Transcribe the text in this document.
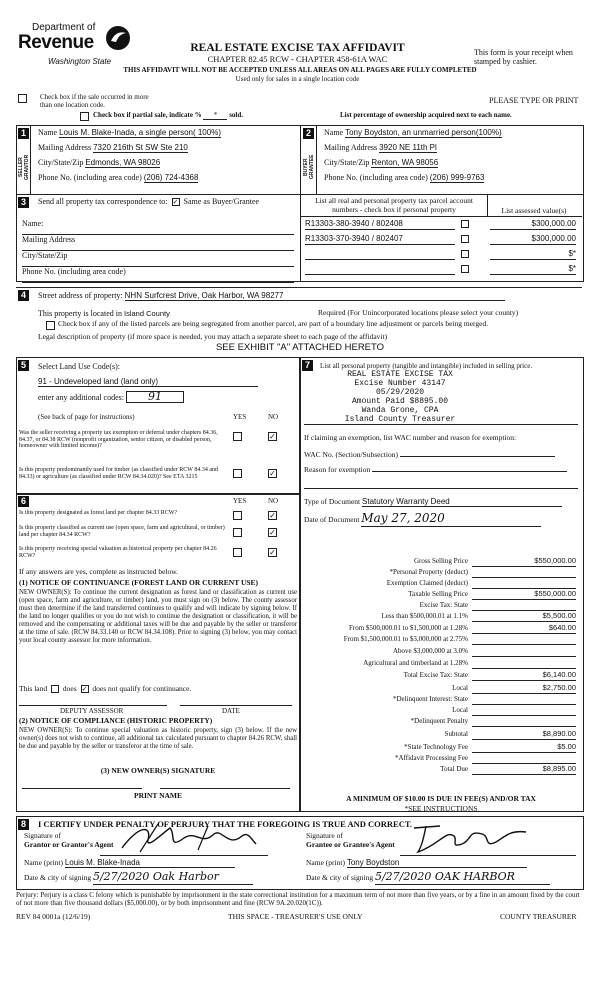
Department of
Revenue
Washington State
REAL ESTATE EXCISE TAX AFFIDAVIT
CHAPTER 82.45 RCW - CHAPTER 458-61A WAC
THIS AFFIDAVIT WILL NOT BE ACCEPTED UNLESS ALL AREAS ON ALL PAGES ARE FULLY COMPLETED
Used only for sales in a single location code
This form is your receipt when stamped by cashier.
PLEASE TYPE OR PRINT
Check box if the sale occurred in more than one location code.
Check box if partial sale, indicate % * sold.	List percentage of ownership acquired next to each name.
1
SELLER GRANTOR
Name Louis M. Blake-Inada, a single person( 100%)
Mailing Address 7320 216th St SW Ste 210
City/State/Zip Edmonds, WA 98026
Phone No. (including area code) (206) 724-4368
2
BUYER GRANTEE
Name Tony Boydston, an unmarried person(100%)
Mailing Address 3920 NE 11th Pl
City/State/Zip Renton, WA 98056
Phone No. (including area code) (206) 999-9763
3	Send all property tax correspondence to: ✓ Same as Buyer/Grantee
Name:
Mailing Address
City/State/Zip
Phone No. (including area code)
List all real and personal property tax parcel account numbers - check box if personal property	List assessed value(s)
R13303-380-3940 / 802408	$300,000.00
R13303-370-3940 / 802407	$300,000.00
$*
$*
4	Street address of property: NHN Surfcrest Drive, Oak Harbor, WA 98277
This property is located in Island County	Required (For Unincorporated locations please select your county)
Check box if any of the listed parcels are being segregated from another parcel, are part of a boundary line adjustment or parcels being merged.
Legal description of property (if more space is needed, you may attach a separate sheet to each page of the affidavit)
SEE EXHIBIT "A" ATTACHED HERETO
5	Select Land Use Code(s):
91 - Undeveloped land (land only)
enter any additional codes: 91
(See back of page for instructions)	YES	NO
Was the seller receiving a property tax exemption or deferral under chapters 84.36, 84.37, or 84.38 RCW (nonprofit organization, senior citizen, or disabled person, homeowner with limited income)?
✓
Is this property predominantly used for timber (as classified under RCW 84.34 and 84.33) or agriculture (as classified under RCW 84.34.020)? See ETA 3215	✓
6	YES	NO
Is this property designated as forest land per chapter 84.33 RCW?	✓
Is this property classified as current use (open space, farm and agricultural, or timber) land per chapter 84.34 RCW?	✓
Is this property receiving special valuation as historical property per chapter 84.26 RCW?	✓
If any answers are yes, complete as instructed below.
(1) NOTICE OF CONTINUANCE (FOREST LAND OR CURRENT USE)
NEW OWNER(S): To continue the current designation as forest land or classification as current use (open space, farm and agriculture, or timber) land, you must sign on (3) below. The county assessor must then determine if the land transferred continues to qualify and will indicate by signing below. If the land no longer qualifies or you do not wish to continue the designation or classification, it will be removed and the compensating or additional taxes will be due and payable by the seller or transferor at the time of sale. (RCW 84.33.140 or RCW 84.34.108). Prior to signing (3) below, you may contact your local county assessor for more information.
This land does ✓ does not qualify for continuance.
DEPUTY ASSESSOR	DATE
(2) NOTICE OF COMPLIANCE (HISTORIC PROPERTY)
NEW OWNER(S): To continue special valuation as historic property, sign (3) below. If the new owner(s) does not wish to continue, all additional tax calculated pursuant to chapter 84.26 RCW, shall be due and payable by the seller or transferor at the time of sale.
(3) NEW OWNER(S) SIGNATURE
PRINT NAME
7	List all personal property (tangible and intangible) included in selling price.
REAL ESTATE EXCISE TAX
Excise Number 43147
05/29/2020
Amount Paid $8895.00
Wanda Grone, CPA
Island County Treasurer
If claiming an exemption, list WAC number and reason for exemption:
WAC No. (Section/Subsection)
Reason for exemption
Type of Document Statutory Warranty Deed
Date of Document May 27, 2020
Gross Selling Price	$550,000.00
*Personal Property (deduct)
Exemption Claimed (deduct)
Taxable Selling Price	$550,000.00
Excise Tax: State
Less than $500,000.01 at 1.1%	$5,500.00
From $500,000.01 to $1,500,000 at 1.28%	$640.00
From $1,500,000.01 to $3,000,000 at 2.75%
Above $3,000,000 at 3.0%
Agricultural and timberland at 1.28%
Total Excise Tax: State	$6,140.00
Local	$2,750.00
*Delinquent Interest: State
Local
*Delinquent Penalty
Subtotal	$8,890.00
*State Technology Fee	$5.00
*Affidavit Processing Fee
Total Due	$8,895.00
A MINIMUM OF $10.00 IS DUE IN FEE(S) AND/OR TAX
*SEE INSTRUCTIONS
8	I CERTIFY UNDER PENALTY OF PERJURY THAT THE FOREGOING IS TRUE AND CORRECT.
Signature of
Grantor or Grantor's Agent
Name (print) Louis M. Blake-Inada
Date & city of signing 5/27/2020 Oak Harbor
Signature of
Grantee or Grantee's Agent
Name (print) Tony Boydston
Date & city of signing 5/27/2020 OAK HARBOR
Perjury: Perjury is a class C felony which is punishable by imprisonment in the state correctional institution for a maximum term of not more than five years, or by a fine in an amount fixed by the court of not more than five thousand dollars ($5,000.00), or by both imprisonment and fine (RCW 9A.20.020(1C)).
REV 84 0001a (12/6/19)	THIS SPACE - TREASURER'S USE ONLY	COUNTY TREASURER
